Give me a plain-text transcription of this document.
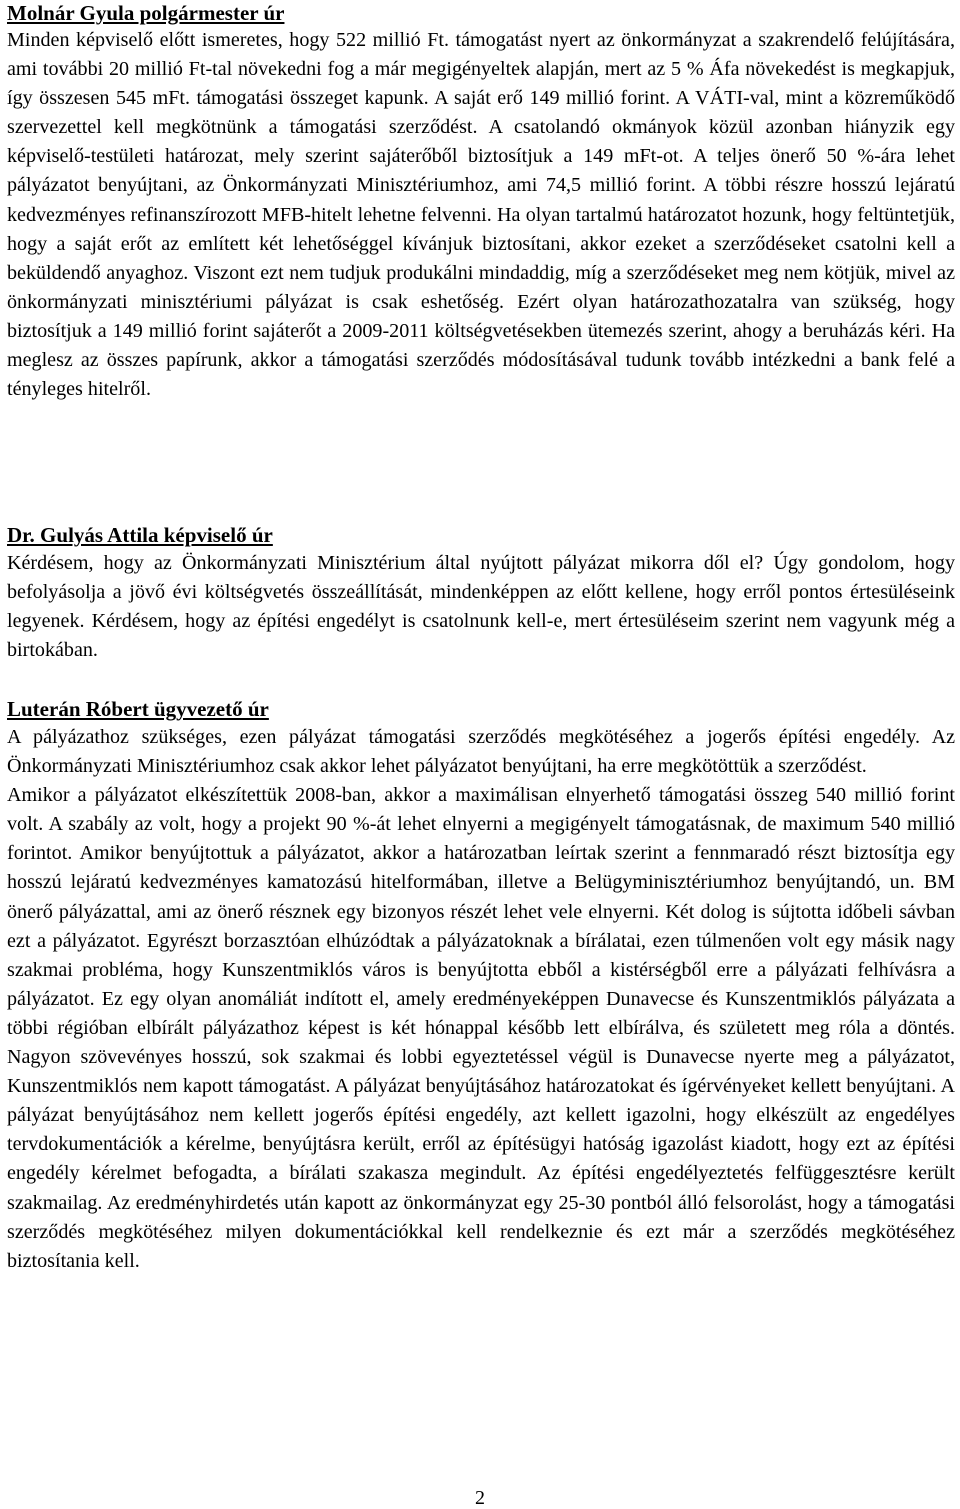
Molnár Gyula polgármester úr

Minden képviselő előtt ismeretes, hogy 522 millió Ft. támogatást nyert az önkormányzat a szakrendelő felújítására, ami további 20 millió Ft-tal növekedni fog a már megigényeltek alapján, mert az 5 % Áfa növekedést is megkapjuk, így összesen 545 mFt. támogatási összeget kapunk. A saját erő 149 millió forint. A VÁTI-val, mint a közreműködő szervezettel kell megkötnünk a támogatási szerződést. A csatolandó okmányok közül azonban hiányzik egy képviselő-testületi határozat, mely szerint sajáterőből biztosítjuk a 149 mFt-ot. A teljes önerő 50 %-ára lehet pályázatot benyújtani, az Önkormányzati Minisztériumhoz, ami 74,5 millió forint. A többi részre hosszú lejáratú kedvezményes refinanszírozott MFB-hitelt lehetne felvenni. Ha olyan tartalmú határozatot hozunk, hogy feltüntetjük, hogy a saját erőt az említett két lehetőséggel kívánjuk biztosítani, akkor ezeket a szerződéseket csatolni kell a beküldendő anyaghoz. Viszont ezt nem tudjuk produkálni mindaddig, míg a szerződéseket meg nem kötjük, mivel az önkormányzati minisztériumi pályázat is csak eshetőség. Ezért olyan határozathozatalra van szükség, hogy biztosítjuk a 149 millió forint sajáterőt a 2009-2011 költségvetésekben ütemezés szerint, ahogy a beruházás kéri. Ha meglesz az összes papírunk, akkor a támogatási szerződés módosításával tudunk tovább intézkedni a bank felé a tényleges hitelről.

Dr. Gulyás Attila képviselő úr

Kérdésem, hogy az Önkormányzati Minisztérium által nyújtott pályázat mikorra dől el? Úgy gondolom, hogy befolyásolja a jövő évi költségvetés összeállítását, mindenképpen az előtt kellene, hogy erről pontos értesüléseink legyenek. Kérdésem, hogy az építési engedélyt is csatolnunk kell-e, mert értesüléseim szerint nem vagyunk még a birtokában.

Luterán Róbert ügyvezető úr

A pályázathoz szükséges, ezen pályázat támogatási szerződés megkötéséhez a jogerős építési engedély. Az Önkormányzati Minisztériumhoz csak akkor lehet pályázatot benyújtani, ha erre megkötöttük a szerződést.

Amikor a pályázatot elkészítettük 2008-ban, akkor a maximálisan elnyerhető támogatási összeg 540 millió forint volt. A szabály az volt, hogy a projekt 90 %-át lehet elnyerni a megigényelt támogatásnak, de maximum 540 millió forintot. Amikor benyújtottuk a pályázatot, akkor a határozatban leírtak szerint a fennmaradó részt biztosítja egy hosszú lejáratú kedvezményes kamatozású hitelformában, illetve a Belügyminisztériumhoz benyújtandó, un. BM önerő pályázattal, ami az önerő résznek egy bizonyos részét lehet vele elnyerni. Két dolog is sújtotta időbeli sávban ezt a pályázatot. Egyrészt borzasztóan elhúzódtak a pályázatoknak a bírálatai, ezen túlmenően volt egy másik nagy szakmai probléma, hogy Kunszentmiklós város is benyújtotta ebből a kistérségből erre a pályázati felhívásra a pályázatot. Ez egy olyan anomáliát indított el, amely eredményeképpen Dunavecse és Kunszentmiklós pályázata a többi régióban elbírált pályázathoz képest is két hónappal később lett elbírálva, és született meg róla a döntés. Nagyon szövevényes hosszú, sok szakmai és lobbi egyeztetéssel végül is Dunavecse nyerte meg a pályázatot, Kunszentmiklós nem kapott támogatást. A pályázat benyújtásához határozatokat és ígérvényeket kellett benyújtani. A pályázat benyújtásához nem kellett jogerős építési engedély, azt kellett igazolni, hogy elkészült az engedélyes tervdokumentációk a kérelme, benyújtásra került, erről az építésügyi hatóság igazolást kiadott, hogy ezt az építési engedély kérelmet befogadta, a bírálati szakasza megindult. Az építési engedélyeztetés felfüggesztésre került szakmailag. Az eredményhirdetés után kapott az önkormányzat egy 25-30 pontból álló felsorolást, hogy a támogatási szerződés megkötéséhez milyen dokumentációkkal kell rendelkeznie és ezt már a szerződés megkötéséhez biztosítania kell.

2
